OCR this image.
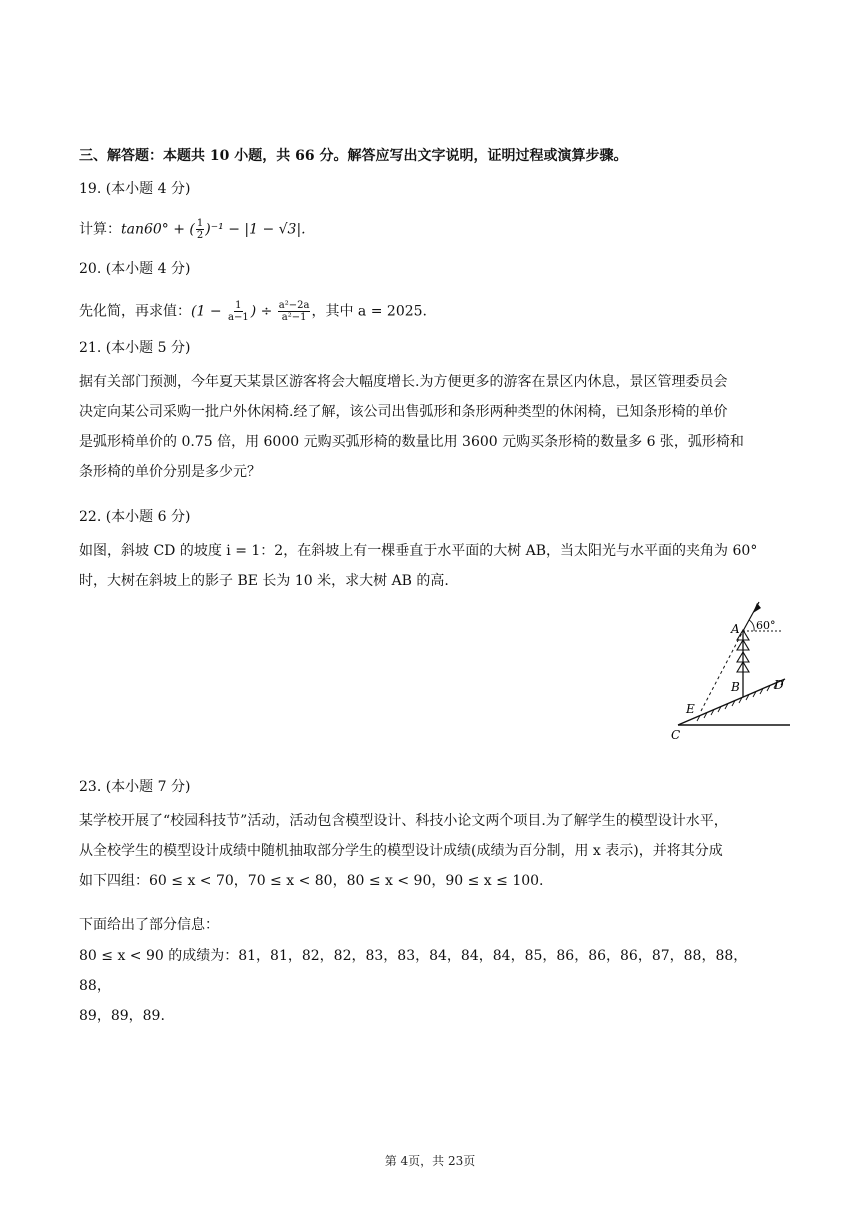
三、解答题：本题共 10 小题，共 66 分。解答应写出文字说明，证明过程或演算步骤。
19. (本小题 4 分)
计算：tan60° + ( $\frac{1}{2} )^{-1} - |1 - √3|$.
20. (本小题 4 分)
先化简，再求值：($1 - \frac{1}{a-1}$ ) ÷ $\frac{\text{a²−2a}}{\text{a²−1}}$ ，其中 a = 2025.
21. (本小题 5 分)
据有关部门预测，今年夏天某景区游客将会大幅度增长.为方便更多的游客在景区内休息，景区管理委员会
决定向某公司采购一批户外休闲椅.经了解，该公司出售弧形和条形两种类型的休闲椅，已知条形椅的单价
是弧形椅单价的 0.75 倍，用 6000 元购买弧形椅的数量比用 3600 元购买条形椅的数量多 6 张，弧形椅和
条形椅的单价分别是多少元？
22. (本小题 6 分)
如图，斜坡 CD 的坡度 i = 1：2，在斜坡上有一棵垂直于水平面的大树 AB，当太阳光与水平面的夹角为 60°
时，大树在斜坡上的影子 BE 长为 10 米，求大树 AB 的高.
60°
A
B	D
E
C
23. (本小题 7 分)
某学校开展了“校园科技节”活动，活动包含模型设计、科技小论文两个项目.为了解学生的模型设计水平，
从全校学生的模型设计成绩中随机抽取部分学生的模型设计成绩(成绩为百分制，用 x 表示)，并将其分成
如下四组：60 ≤ x < 70，70 ≤ x < 80，80 ≤ x < 90，90 ≤ x ≤ 100.
下面给出了部分信息：
80 ≤ x < 90 的成绩为：81，81，82，82，83，83，84，84，84，85，86，86，86，87，88，88，88，
89，89，89.
第 4页，共 23页
